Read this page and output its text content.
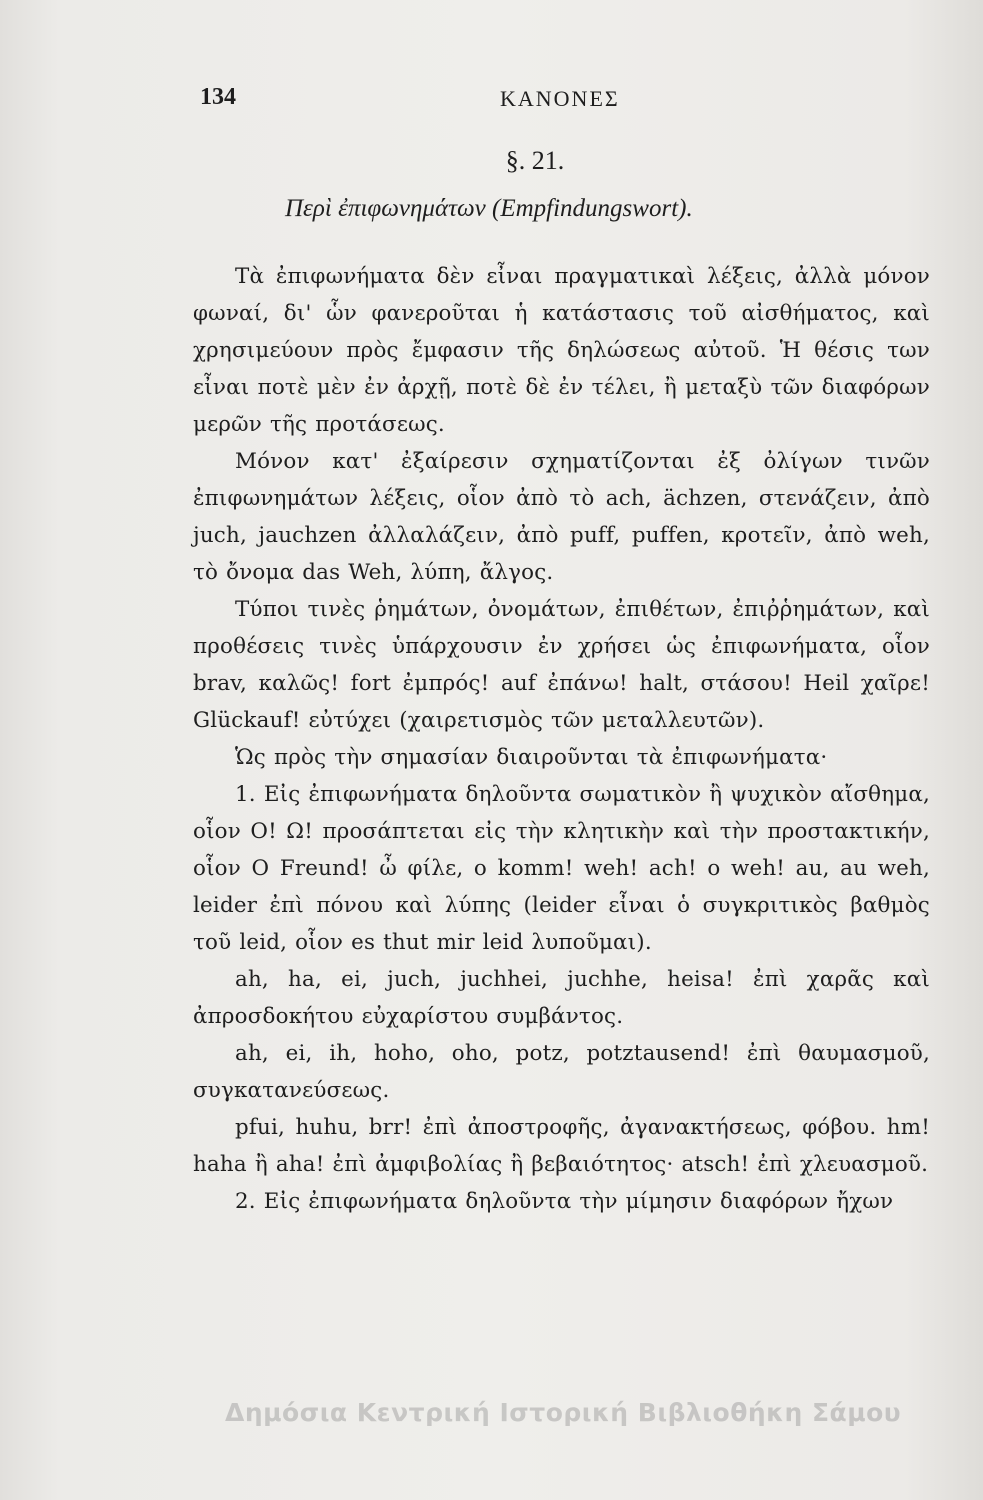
134	ΚΑΝΟΝΕΣ
§. 21.
Περὶ ἐπιφωνημάτων (Empfindungswort).

Τὰ ἐπιφωνήματα δὲν εἶναι πραγματικαὶ λέξεις, ἀλλὰ μόνον φωναί, δι' ὧν φανεροῦται ἡ κατάστασις τοῦ αἰσθήματος, καὶ χρησιμεύουν πρὸς ἔμφασιν τῆς δηλώσεως αὐτοῦ. Ἡ θέσις των εἶναι ποτὲ μὲν ἐν ἀρχῇ, ποτὲ δὲ ἐν τέλει, ἢ μεταξὺ τῶν διαφόρων μερῶν τῆς προτάσεως.

Μόνον κατ' ἐξαίρεσιν σχηματίζονται ἐξ ὀλίγων τινῶν ἐπιφωνημάτων λέξεις, οἷον ἀπὸ τὸ ach, ächzen, στενάζειν, ἀπὸ juch, jauchzen ἀλλαλάζειν, ἀπὸ puff, puffen, κροτεῖν, ἀπὸ weh, τὸ ὄνομα das Weh, λύπη, ἄλγος.

Τύποι τινὲς ῥημάτων, ὀνομάτων, ἐπιθέτων, ἐπιῤῥημάτων, καὶ προθέσεις τινὲς ὑπάρχουσιν ἐν χρήσει ὡς ἐπιφωνήματα, οἷον brav, καλῶς! fort ἐμπρός! auf ἐπάνω! halt, στάσου! Heil χαῖρε! Glückauf! εὐτύχει (χαιρετισμὸς τῶν μεταλλευτῶν).

Ὡς πρὸς τὴν σημασίαν διαιροῦνται τὰ ἐπιφωνήματα·

1. Εἰς ἐπιφωνήματα δηλοῦντα σωματικὸν ἢ ψυχικὸν αἴσθημα, οἷον O! Ω! προσάπτεται εἰς τὴν κλητικὴν καὶ τὴν προστακτικήν, οἷον O Freund! ὦ φίλε, o komm! weh! ach! o weh! au, au weh, leider ἐπὶ πόνου καὶ λύπης (leider εἶναι ὁ συγκριτικὸς βαθμὸς τοῦ leid, οἷον es thut mir leid λυποῦμαι).

ah, ha, ei, juch, juchhei, juchhe, heisa! ἐπὶ χαρᾶς καὶ ἀπροσδοκήτου εὐχαρίστου συμβάντος.

ah, ei, ih, hoho, oho, potz, potztausend! ἐπὶ θαυμασμοῦ, συγκατανεύσεως.

pfui, huhu, brr! ἐπὶ ἀποστροφῆς, ἀγανακτήσεως, φόβου. hm! haha ἢ aha! ἐπὶ ἀμφιβολίας ἢ βεβαιότητος· atsch! ἐπὶ χλευασμοῦ.

2. Εἰς ἐπιφωνήματα δηλοῦντα τὴν μίμησιν διαφόρων ἤχων

Δημόσια Κεντρική Ιστορική Βιβλιοθήκη Σάμου
